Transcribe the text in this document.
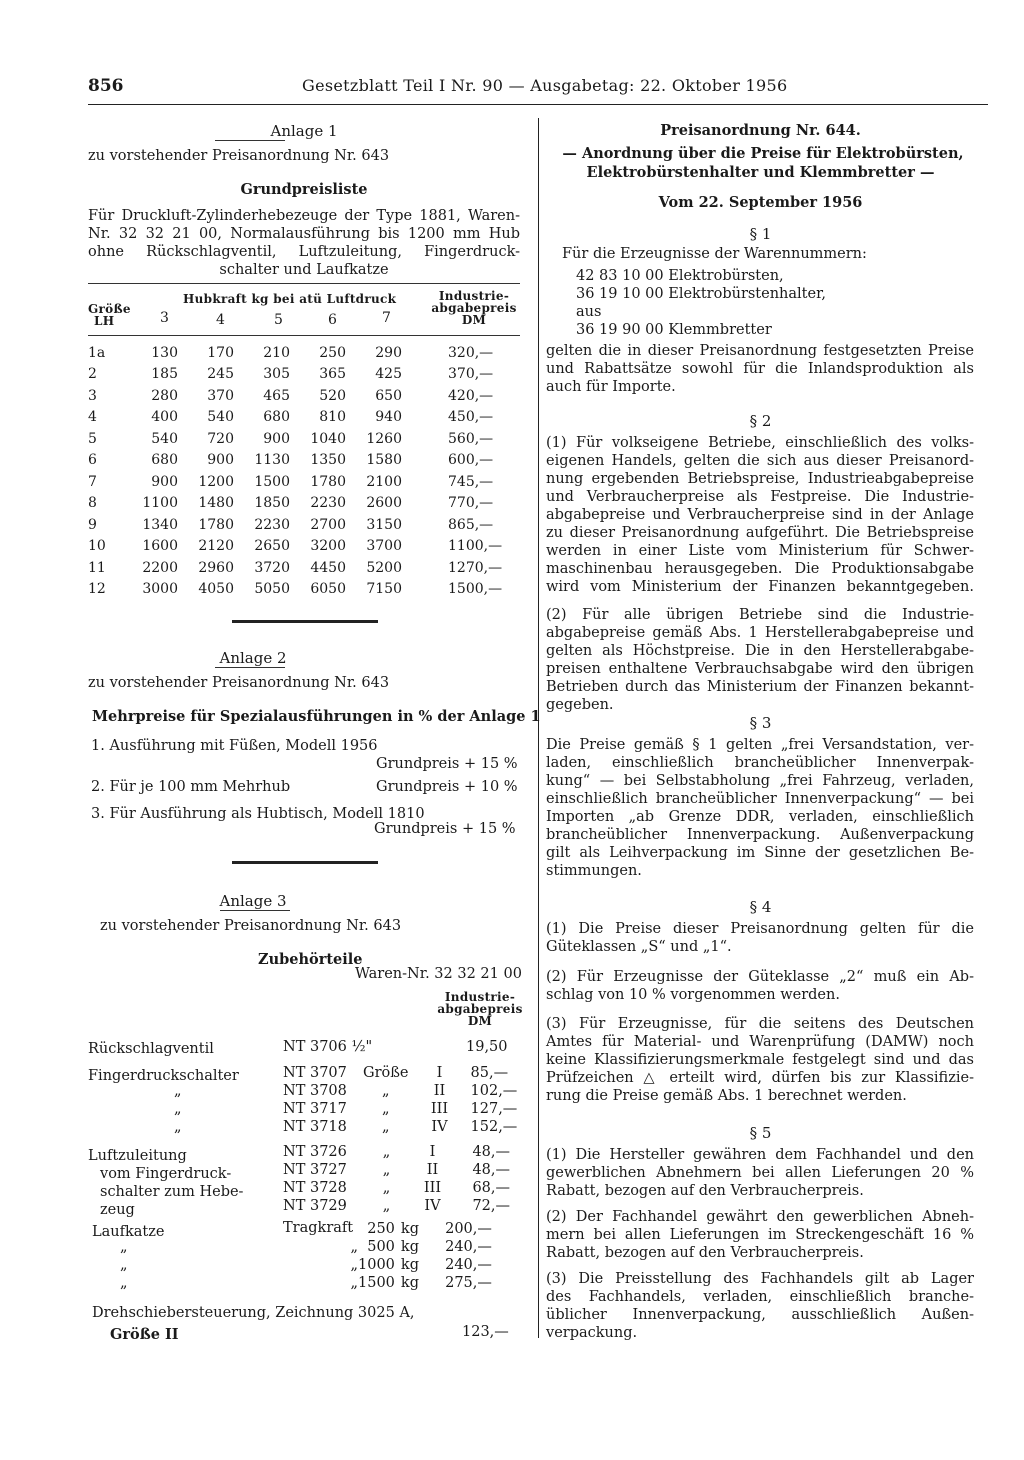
856	Gesetzblatt Teil I Nr. 90 — Ausgabetag: 22. Oktober 1956
Anlage 1
zu vorstehender Preisanordnung Nr. 643
Grundpreisliste
Für Druckluft-Zylinderhebezeuge der Type 1881, Waren-
Nr. 32 32 21 00, Normalausführung bis 1200 mm Hub
ohne Rückschlagventil, Luftzuleitung, Fingerdruck-
schalter und Laufkatze
Größe
LH
Hubkraft kg bei atü Luftdruck
3	4	5	6	7
Industrie-
abgabepreis
DM
1a	130	170	210	250	290	320,—
2	185	245	305	365	425	370,—
3	280	370	465	520	650	420,—
4	400	540	680	810	940	450,—
5	540	720	900	1040	1260	560,—
6	680	900	1130	1350	1580	600,—
7	900	1200	1500	1780	2100	745,—
8	1100	1480	1850	2230	2600	770,—
9	1340	1780	2230	2700	3150	865,—
10	1600	2120	2650	3200	3700	1100,—
11	2200	2960	3720	4450	5200	1270,—
12	3000	4050	5050	6050	7150	1500,—
Anlage 2
zu vorstehender Preisanordnung Nr. 643
Mehrpreise für Spezialausführungen in % der Anlage 1
1. Ausführung mit Füßen, Modell 1956
Grundpreis + 15 %
2. Für je 100 mm Mehrhub	Grundpreis + 10 %
3. Für Ausführung als Hubtisch, Modell 1810
Grundpreis + 15 %
Anlage 3
zu vorstehender Preisanordnung Nr. 643
Zubehörteile
Waren-Nr. 32 32 21 00
Industrie-
abgabepreis
DM
Rückschlagventil	NT 3706 ½"	19,50
Fingerdruckschalter
		NT 3707	Größe	I	85,—
„	NT 3708	„	II	102,—
„	NT 3717	„	III	127,—
„	NT 3718	„	IV	152,—
Luftzuleitung
vom Fingerdruck-
schalter zum Hebe-
zeug
NT 3726	„	I	48,—
NT 3727	„	II	48,—
NT 3728	„	III	68,—
NT 3729	„	IV	72,—
Laufkatze	Tragkraft
		250	kg	200,—
„	„	500	kg	240,—
„	„	1000	kg	240,—
„	„	1500	kg	275,—
Drehschiebersteuerung, Zeichnung 3025 A,
Größe II	123,—
Preisanordnung Nr. 644.
— Anordnung über die Preise für Elektrobürsten,
Elektrobürstenhalter und Klemmbretter —
Vom 22. September 1956
§ 1
Für die Erzeugnisse der Warennummern:
42 83 10 00 Elektrobürsten,
36 19 10 00 Elektrobürstenhalter,
aus
36 19 90 00 Klemmbretter
gelten die in dieser Preisanordnung festgesetzten Preise
und Rabattsätze sowohl für die Inlandsproduktion als
auch für Importe.
§ 2
(1) Für volkseigene Betriebe, einschließlich des volks-
eigenen Handels, gelten die sich aus dieser Preisanord-
nung ergebenden Betriebspreise, Industrieabgabepreise
und Verbraucherpreise als Festpreise. Die Industrie-
abgabepreise und Verbraucherpreise sind in der Anlage
zu dieser Preisanordnung aufgeführt. Die Betriebspreise
werden in einer Liste vom Ministerium für Schwer-
maschinenbau herausgegeben. Die Produktionsabgabe
wird vom Ministerium der Finanzen bekanntgegeben.
(2) Für alle übrigen Betriebe sind die Industrie-
abgabepreise gemäß Abs. 1 Herstellerabgabepreise und
gelten als Höchstpreise. Die in den Herstellerabgabe-
preisen enthaltene Verbrauchsabgabe wird den übrigen
Betrieben durch das Ministerium der Finanzen bekannt-
gegeben.
§ 3
Die Preise gemäß § 1 gelten „frei Versandstation, ver-
laden, einschließlich brancheüblicher Innenverpak-
kung“ — bei Selbstabholung „frei Fahrzeug, verladen,
einschließlich brancheüblicher Innenverpackung“ — bei
Importen „ab Grenze DDR, verladen, einschließlich
brancheüblicher Innenverpackung. Außenverpackung
gilt als Leihverpackung im Sinne der gesetzlichen Be-
stimmungen.
§ 4
(1) Die Preise dieser Preisanordnung gelten für die
Güteklassen „S“ und „1“.
(2) Für Erzeugnisse der Güteklasse „2“ muß ein Ab-
schlag von 10 % vorgenommen werden.
(3) Für Erzeugnisse, für die seitens des Deutschen
Amtes für Material- und Warenprüfung (DAMW) noch
keine Klassifizierungsmerkmale festgelegt sind und das
Prüfzeichen △ erteilt wird, dürfen bis zur Klassifizie-
rung die Preise gemäß Abs. 1 berechnet werden.
§ 5
(1) Die Hersteller gewähren dem Fachhandel und den
gewerblichen Abnehmern bei allen Lieferungen 20 %
Rabatt, bezogen auf den Verbraucherpreis.
(2) Der Fachhandel gewährt den gewerblichen Abneh-
mern bei allen Lieferungen im Streckengeschäft 16 %
Rabatt, bezogen auf den Verbraucherpreis.
(3) Die Preisstellung des Fachhandels gilt ab Lager
des Fachhandels, verladen, einschließlich branche-
üblicher Innenverpackung, ausschließlich Außen-
verpackung.
